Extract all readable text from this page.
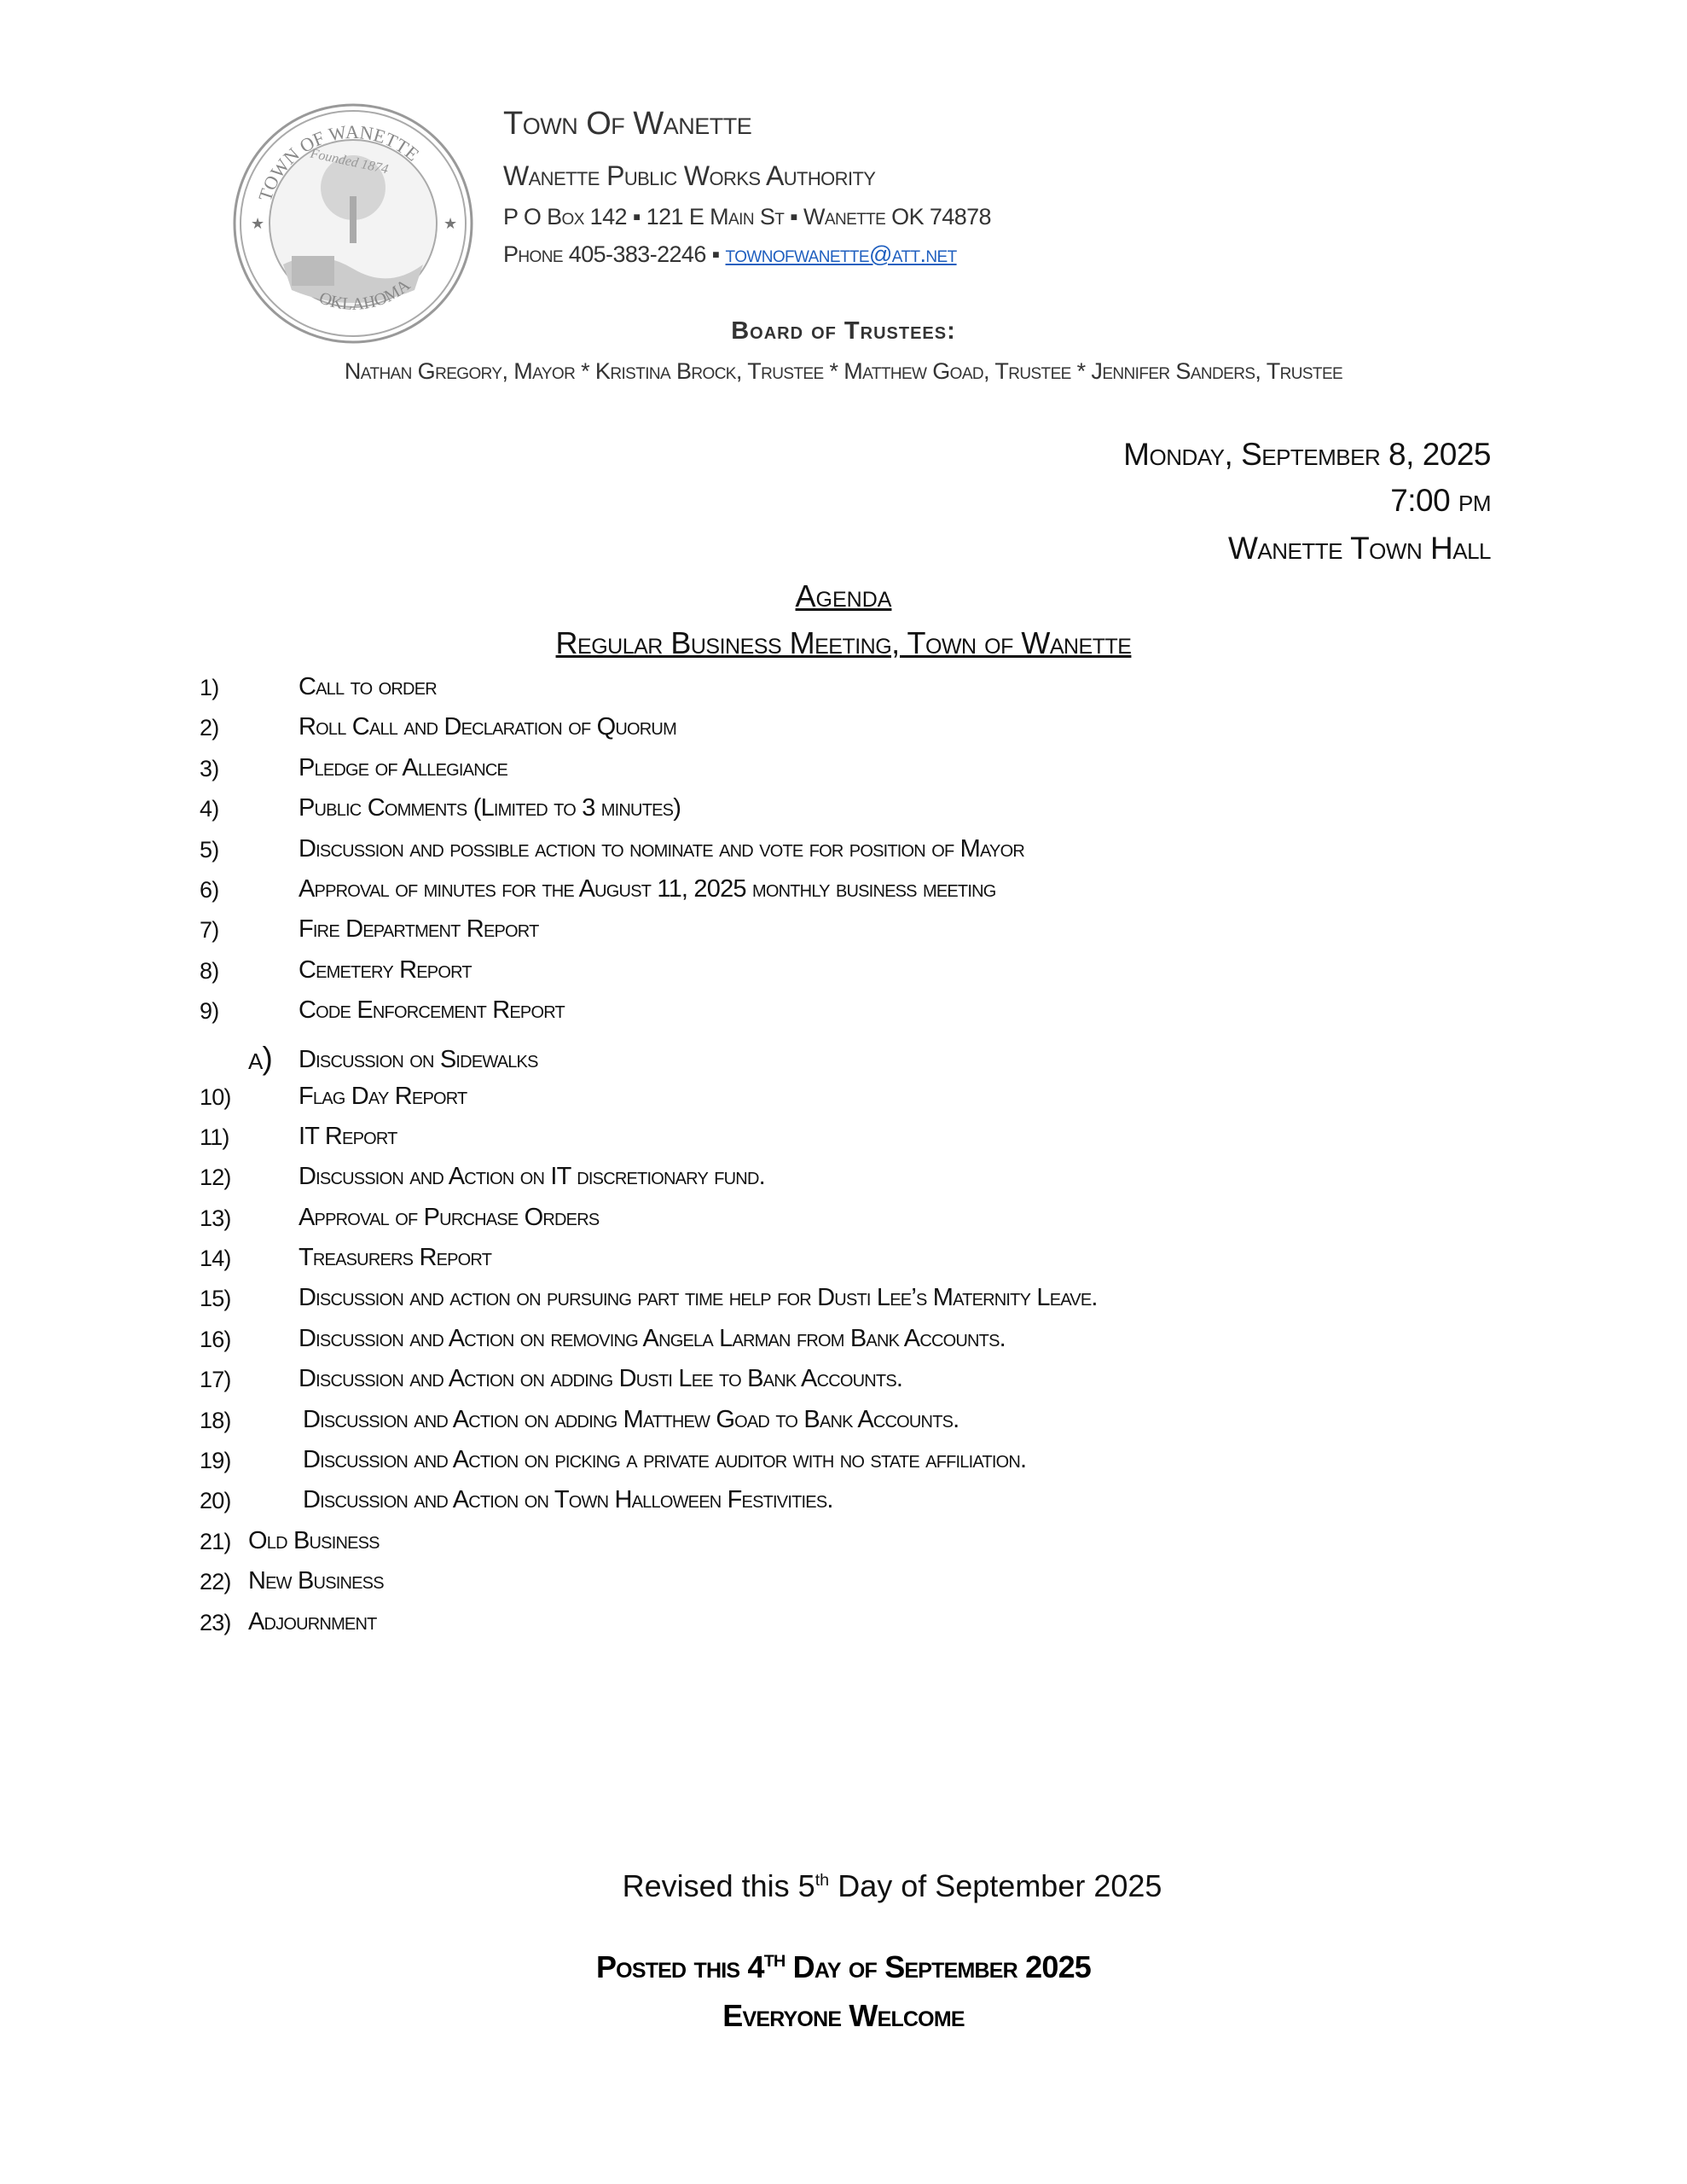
TOWN OF WANETTE
OKLAHOMA
Founded 1874
★	★
Town Of Wanette
Wanette Public Works Authority
P O Box 142 ▪ 121 E Main St ▪ Wanette OK 74878
Phone 405-383-2246 ▪ townofwanette@att.net
Board of Trustees:
Nathan Gregory, Mayor * Kristina Brock, Trustee * Matthew Goad, Trustee * Jennifer Sanders, Trustee
Monday, September 8, 2025
7:00 pm
Wanette Town Hall
Agenda
Regular Business Meeting, Town of Wanette
1)	Call to order
2)	Roll Call and Declaration of Quorum
3)	Pledge of Allegiance
4)	Public Comments (Limited to 3 minutes)
5)	Discussion and possible action to nominate and vote for position of Mayor
6)	Approval of minutes for the August 11, 2025 monthly business meeting
7)	Fire Department Report
8)	Cemetery Report
9)	Code Enforcement Report
a) Discussion on Sidewalks
10)	Flag Day Report
11)	IT Report
12)	Discussion and Action on IT discretionary fund.
13)	Approval of Purchase Orders
14)	Treasurers Report
15)	Discussion and action on pursuing part time help for Dusti Lee’s Maternity Leave.
16)	Discussion and Action on removing Angela Larman from Bank Accounts.
17)	Discussion and Action on adding Dusti Lee to Bank Accounts.
18)	Discussion and Action on adding Matthew Goad to Bank Accounts.
19)	Discussion and Action on picking a private auditor with no state affiliation.
20)	Discussion and Action on Town Halloween Festivities.
21) Old Business
22) New Business
23) Adjournment
Revised this 5th Day of September 2025
Posted this 4TH Day of September 2025
Everyone Welcome
